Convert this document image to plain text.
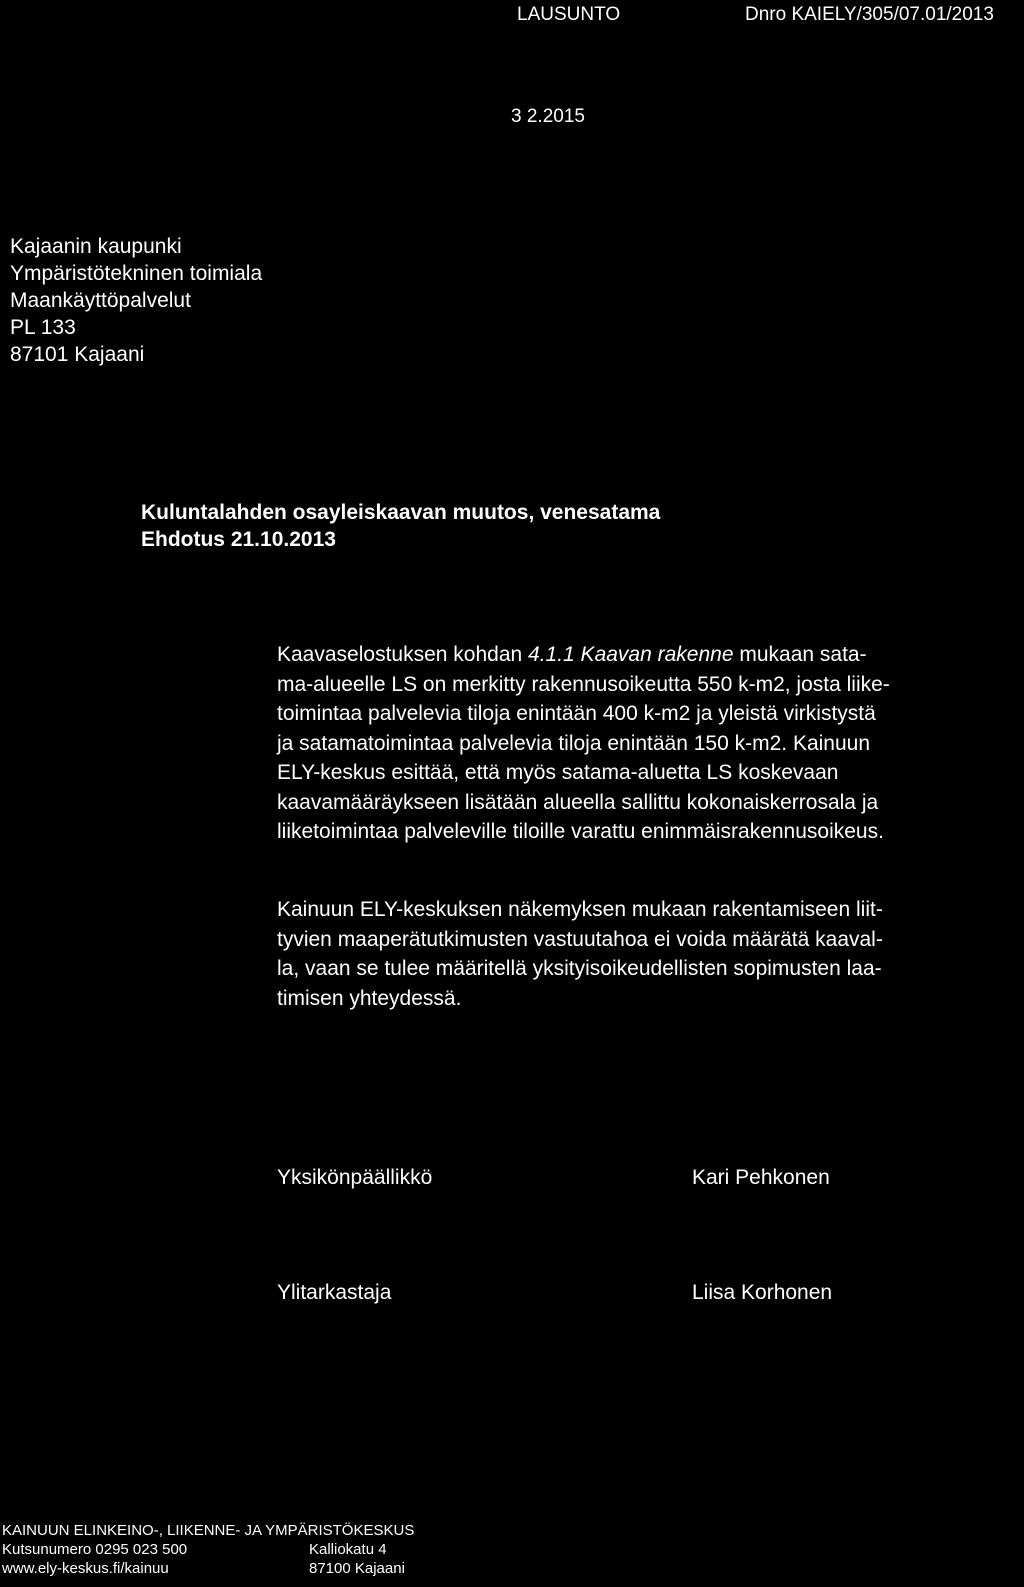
LAUSUNTO	Dnro KAIELY/305/07.01/2013
3 2.2015
Kajaanin kaupunki
Ympäristötekninen toimiala
Maankäyttöpalvelut
PL 133
87101 Kajaani
Kuluntalahden osayleiskaavan muutos, venesatama
Ehdotus 21.10.2013
Kaavaselostuksen kohdan 4.1.1 Kaavan rakenne mukaan sata-
ma-alueelle LS on merkitty rakennusoikeutta 550 k-m2, josta liike-
toimintaa palvelevia tiloja enintään 400 k-m2 ja yleistä virkistystä
ja satamatoimintaa palvelevia tiloja enintään 150 k-m2. Kainuun
ELY-keskus esittää, että myös satama-aluetta LS koskevaan
kaavamääräykseen lisätään alueella sallittu kokonaiskerrosala ja
liiketoimintaa palveleville tiloille varattu enimmäisrakennusoikeus.
Kainuun ELY-keskuksen näkemyksen mukaan rakentamiseen liit-
tyvien maaperätutkimusten vastuutahoa ei voida määrätä kaaval-
la, vaan se tulee määritellä yksityisoikeudellisten sopimusten laa-
timisen yhteydessä.
Yksikönpäällikkö	Kari Pehkonen
Ylitarkastaja	Liisa Korhonen
KAINUUN ELINKEINO-, LIIKENNE- JA YMPÄRISTÖKESKUS
Kutsunumero 0295 023 500
www.ely-keskus.fi/kainuu
Kalliokatu 4
87100 Kajaani
